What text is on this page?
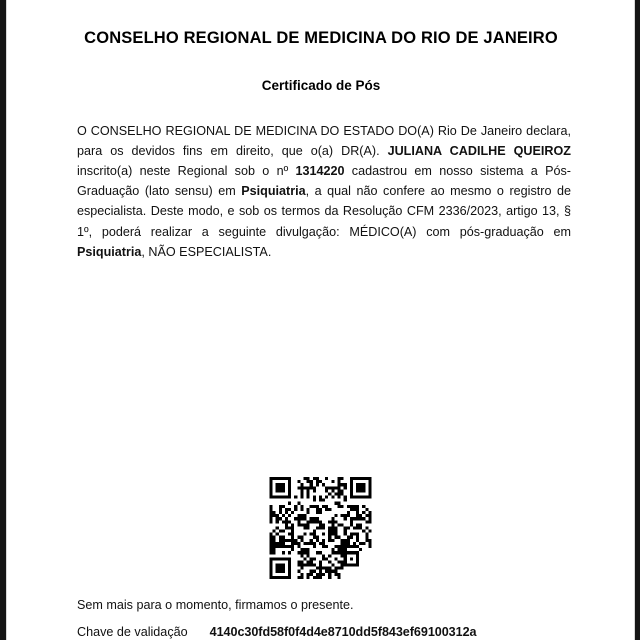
CONSELHO REGIONAL DE MEDICINA DO RIO DE JANEIRO
Certificado de Pós

O CONSELHO REGIONAL DE MEDICINA DO ESTADO DO(A) Rio De Janeiro declara, para os devidos fins em direito, que o(a) DR(A). JULIANA CADILHE QUEIROZ inscrito(a) neste Regional sob o nº 1314220 cadastrou em nosso sistema a Pós-Graduação (lato sensu) em Psiquiatria, a qual não confere ao mesmo o registro de especialista. Deste modo, e sob os termos da Resolução CFM 2336/2023, artigo 13, § 1º, poderá realizar a seguinte divulgação: MÉDICO(A) com pós-graduação em Psiquiatria, NÃO ESPECIALISTA.

Sem mais para o momento, firmamos o presente.
Chave de validação 4140c30fd58f0f4d4e8710dd5f843ef69100312a
